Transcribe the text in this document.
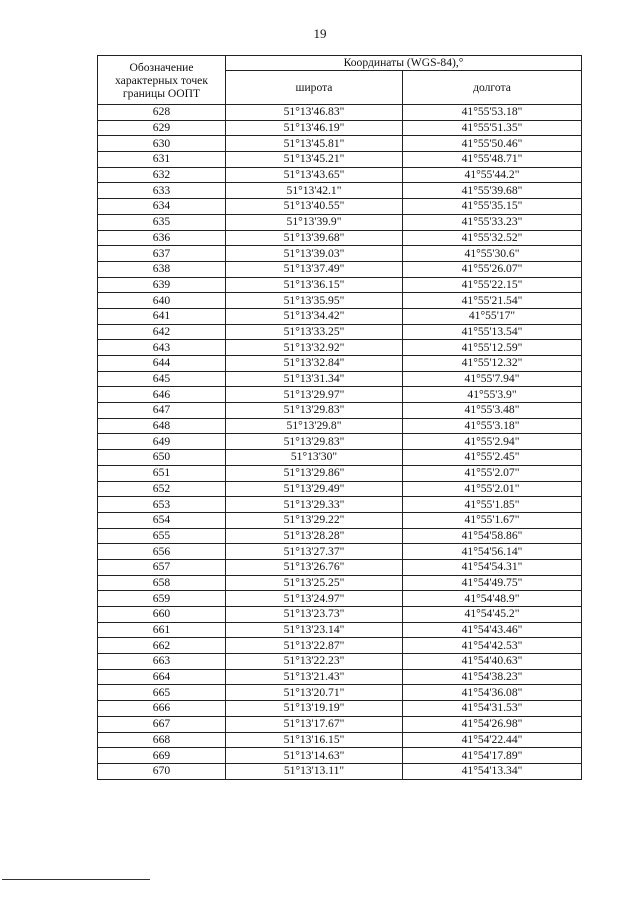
19
Обозначение характерных точек границы ООПТ	Координаты (WGS-84),°	
	широта	долгота
628	51°13'46.83"	41°55'53.18"
629	51°13'46.19"	41°55'51.35"
630	51°13'45.81"	41°55'50.46"
631	51°13'45.21"	41°55'48.71"
632	51°13'43.65"	41°55'44.2"
633	51°13'42.1"	41°55'39.68"
634	51°13'40.55"	41°55'35.15"
635	51°13'39.9"	41°55'33.23"
636	51°13'39.68"	41°55'32.52"
637	51°13'39.03"	41°55'30.6"
638	51°13'37.49"	41°55'26.07"
639	51°13'36.15"	41°55'22.15"
640	51°13'35.95"	41°55'21.54"
641	51°13'34.42"	41°55'17"
642	51°13'33.25"	41°55'13.54"
643	51°13'32.92"	41°55'12.59"
644	51°13'32.84"	41°55'12.32"
645	51°13'31.34"	41°55'7.94"
646	51°13'29.97"	41°55'3.9"
647	51°13'29.83"	41°55'3.48"
648	51°13'29.8"	41°55'3.18"
649	51°13'29.83"	41°55'2.94"
650	51°13'30"	41°55'2.45"
651	51°13'29.86"	41°55'2.07"
652	51°13'29.49"	41°55'2.01"
653	51°13'29.33"	41°55'1.85"
654	51°13'29.22"	41°55'1.67"
655	51°13'28.28"	41°54'58.86"
656	51°13'27.37"	41°54'56.14"
657	51°13'26.76"	41°54'54.31"
658	51°13'25.25"	41°54'49.75"
659	51°13'24.97"	41°54'48.9"
660	51°13'23.73"	41°54'45.2"
661	51°13'23.14"	41°54'43.46"
662	51°13'22.87"	41°54'42.53"
663	51°13'22.23"	41°54'40.63"
664	51°13'21.43"	41°54'38.23"
665	51°13'20.71"	41°54'36.08"
666	51°13'19.19"	41°54'31.53"
667	51°13'17.67"	41°54'26.98"
668	51°13'16.15"	41°54'22.44"
669	51°13'14.63"	41°54'17.89"
670	51°13'13.11"	41°54'13.34"
